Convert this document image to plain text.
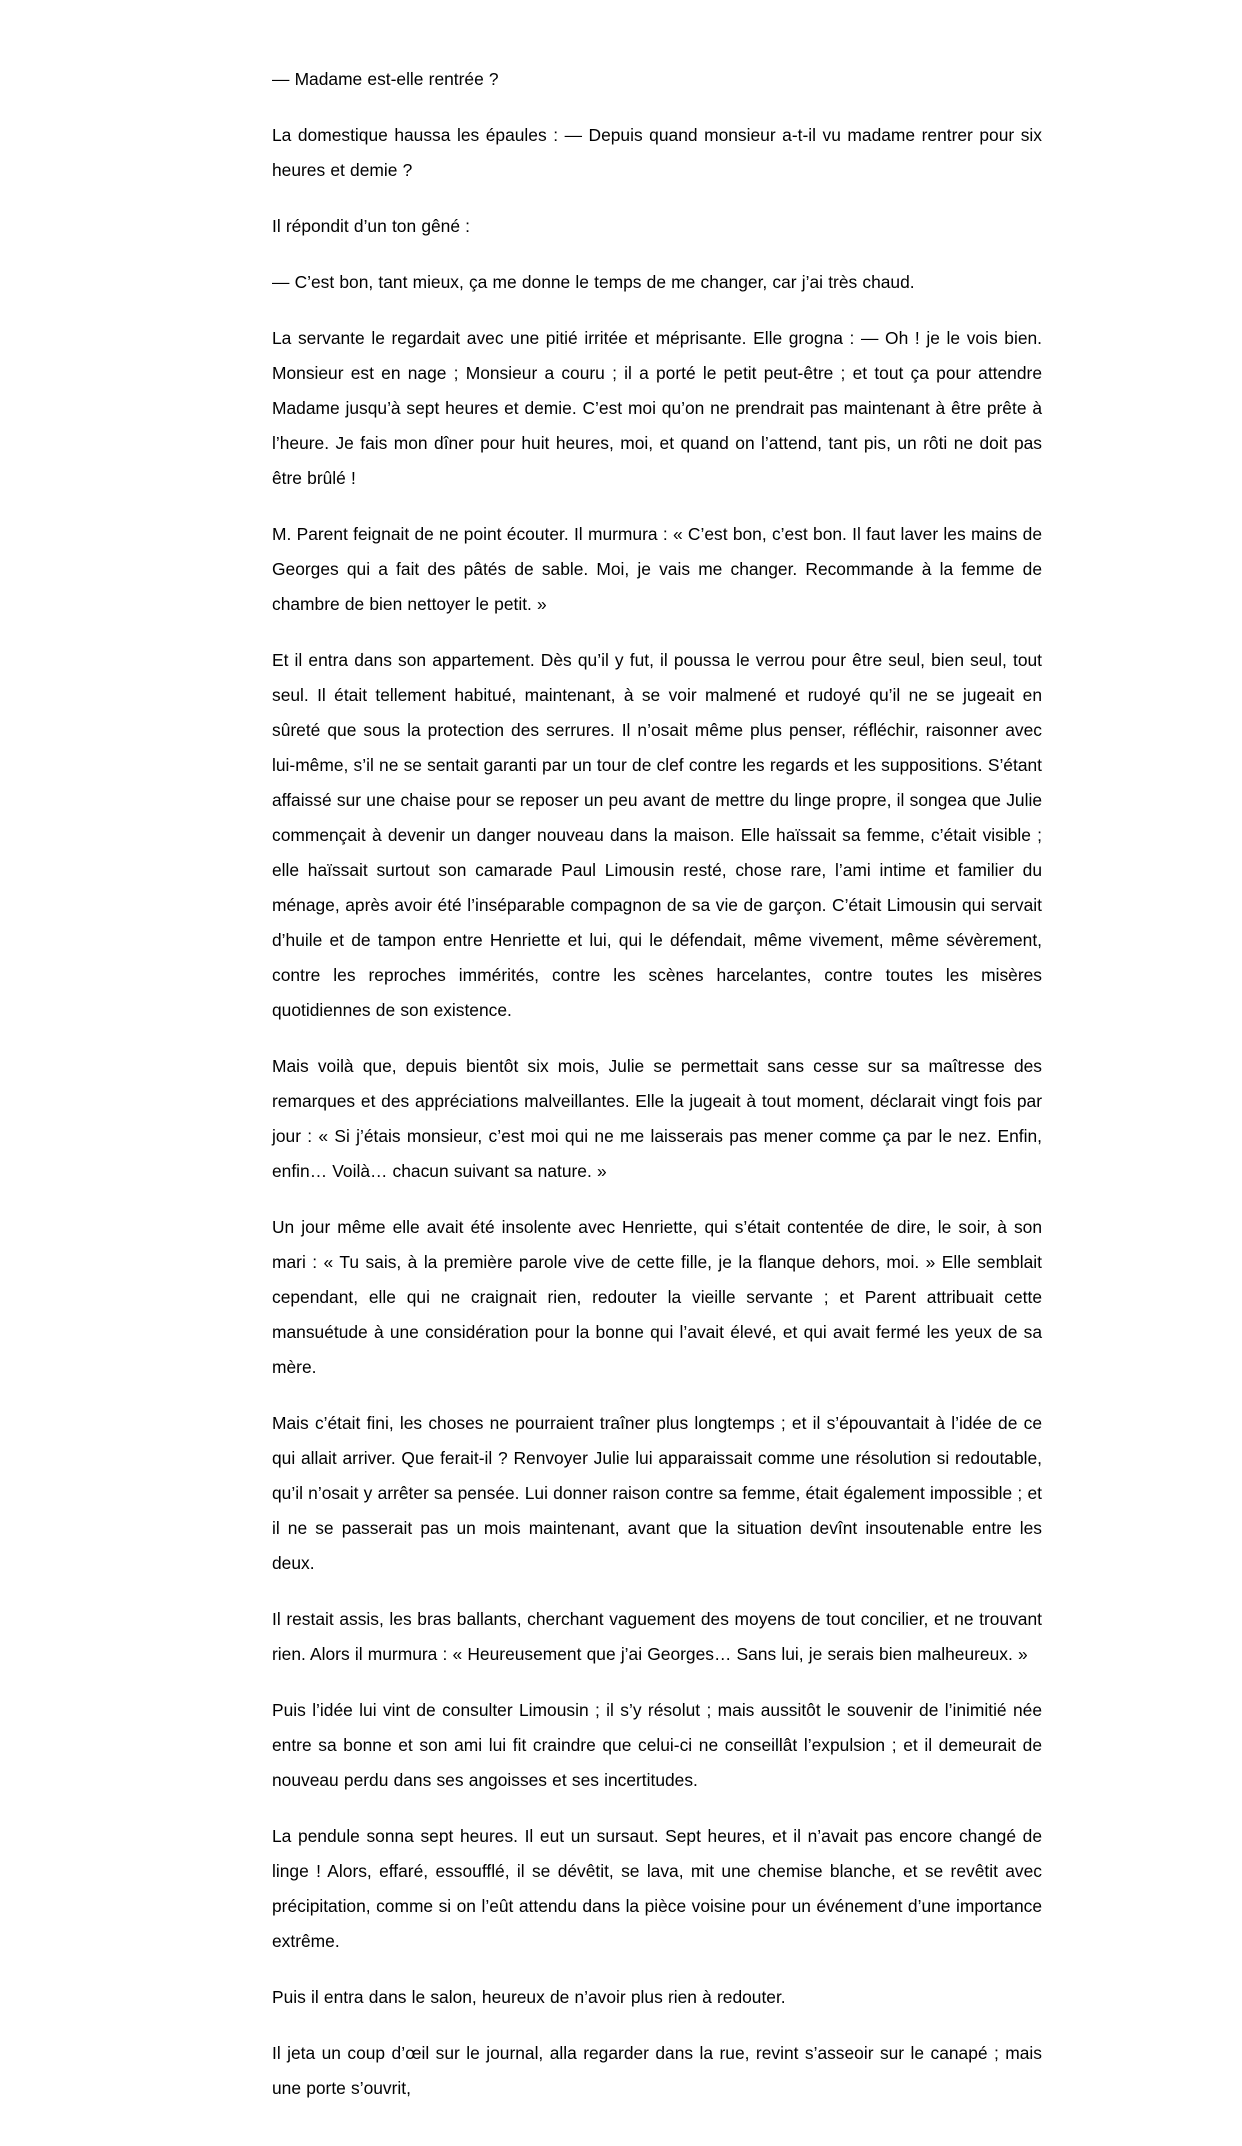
— Madame est-elle rentrée ?

La domestique haussa les épaules : — Depuis quand monsieur a-t-il vu madame rentrer pour six heures et demie ?

Il répondit d’un ton gêné :

— C’est bon, tant mieux, ça me donne le temps de me changer, car j’ai très chaud.

La servante le regardait avec une pitié irritée et méprisante. Elle grogna : — Oh ! je le vois bien. Monsieur est en nage ; Monsieur a couru ; il a porté le petit peut-être ; et tout ça pour attendre Madame jusqu’à sept heures et demie. C’est moi qu’on ne prendrait pas maintenant à être prête à l’heure. Je fais mon dîner pour huit heures, moi, et quand on l’attend, tant pis, un rôti ne doit pas être brûlé !

M. Parent feignait de ne point écouter. Il murmura : « C’est bon, c’est bon. Il faut laver les mains de Georges qui a fait des pâtés de sable. Moi, je vais me changer. Recommande à la femme de chambre de bien nettoyer le petit. »

Et il entra dans son appartement. Dès qu’il y fut, il poussa le verrou pour être seul, bien seul, tout seul. Il était tellement habitué, maintenant, à se voir malmené et rudoyé qu’il ne se jugeait en sûreté que sous la protection des serrures. Il n’osait même plus penser, réfléchir, raisonner avec lui-même, s’il ne se sentait garanti par un tour de clef contre les regards et les suppositions. S’étant affaissé sur une chaise pour se reposer un peu avant de mettre du linge propre, il songea que Julie commençait à devenir un danger nouveau dans la maison. Elle haïssait sa femme, c’était visible ; elle haïssait surtout son camarade Paul Limousin resté, chose rare, l’ami intime et familier du ménage, après avoir été l’inséparable compagnon de sa vie de garçon. C’était Limousin qui servait d’huile et de tampon entre Henriette et lui, qui le défendait, même vivement, même sévèrement, contre les reproches immérités, contre les scènes harcelantes, contre toutes les misères quotidiennes de son existence.

Mais voilà que, depuis bientôt six mois, Julie se permettait sans cesse sur sa maîtresse des remarques et des appréciations malveillantes. Elle la jugeait à tout moment, déclarait vingt fois par jour : « Si j’étais monsieur, c’est moi qui ne me laisserais pas mener comme ça par le nez. Enfin, enfin… Voilà… chacun suivant sa nature. »

Un jour même elle avait été insolente avec Henriette, qui s’était contentée de dire, le soir, à son mari : « Tu sais, à la première parole vive de cette fille, je la flanque dehors, moi. » Elle semblait cependant, elle qui ne craignait rien, redouter la vieille servante ; et Parent attribuait cette mansuétude à une considération pour la bonne qui l’avait élevé, et qui avait fermé les yeux de sa mère.

Mais c’était fini, les choses ne pourraient traîner plus longtemps ; et il s’épouvantait à l’idée de ce qui allait arriver. Que ferait-il ? Renvoyer Julie lui apparaissait comme une résolution si redoutable, qu’il n’osait y arrêter sa pensée. Lui donner raison contre sa femme, était également impossible ; et il ne se passerait pas un mois maintenant, avant que la situation devînt insoutenable entre les deux.

Il restait assis, les bras ballants, cherchant vaguement des moyens de tout concilier, et ne trouvant rien. Alors il murmura : « Heureusement que j’ai Georges… Sans lui, je serais bien malheureux. »

Puis l’idée lui vint de consulter Limousin ; il s’y résolut ; mais aussitôt le souvenir de l’inimitié née entre sa bonne et son ami lui fit craindre que celui-ci ne conseillât l’expulsion ; et il demeurait de nouveau perdu dans ses angoisses et ses incertitudes.

La pendule sonna sept heures. Il eut un sursaut. Sept heures, et il n’avait pas encore changé de linge ! Alors, effaré, essoufflé, il se dévêtit, se lava, mit une chemise blanche, et se revêtit avec précipitation, comme si on l’eût attendu dans la pièce voisine pour un événement d’une importance extrême.

Puis il entra dans le salon, heureux de n’avoir plus rien à redouter.

Il jeta un coup d’œil sur le journal, alla regarder dans la rue, revint s’asseoir sur le canapé ; mais une porte s’ouvrit,
